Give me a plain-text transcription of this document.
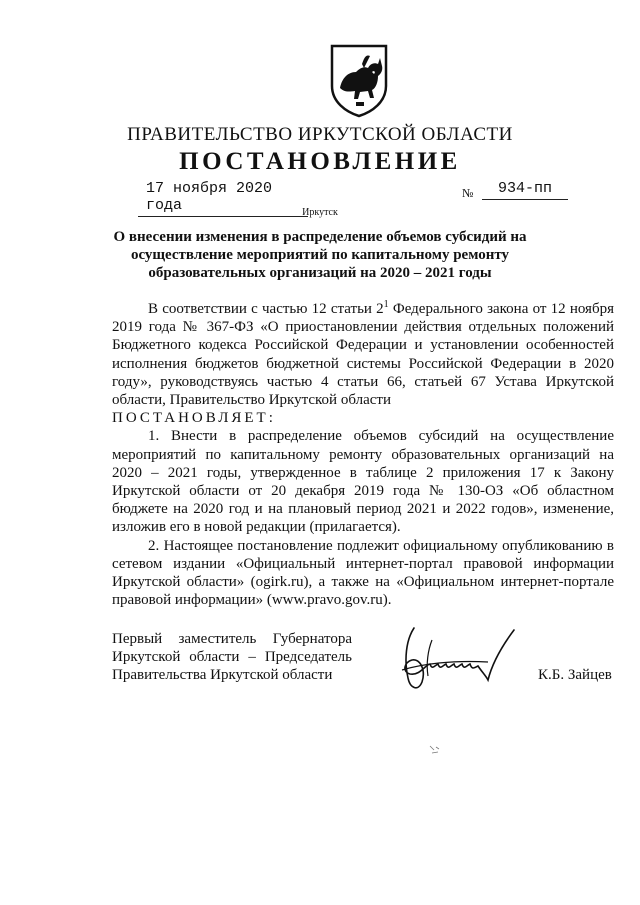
ПРАВИТЕЛЬСТВО ИРКУТСКОЙ ОБЛАСТИ
ПОСТАНОВЛЕНИЕ
17 ноября 2020 года
№	934-пп
Иркутск
О внесении изменения в распределение объемов субсидий на осуществление мероприятий по капитальному ремонту образовательных организаций на 2020 – 2021 годы

В соответствии с частью 12 статьи $2^1$ Федерального закона от 12 ноября 2019 года № 367-ФЗ «О приостановлении действия отдельных положений Бюджетного кодекса Российской Федерации и установлении особенностей исполнения бюджетов бюджетной системы Российской Федерации в 2020 году», руководствуясь частью 4 статьи 66, статьей 67 Устава Иркутской области, Правительство Иркутской области

ПОСТАНОВЛЯЕТ:

1. Внести в распределение объемов субсидий на осуществление мероприятий по капитальному ремонту образовательных организаций на 2020 – 2021 годы, утвержденное в таблице 2 приложения 17 к Закону Иркутской области от 20 декабря 2019 года № 130-ОЗ «Об областном бюджете на 2020 год и на плановый период 2021 и 2022 годов», изменение, изложив его в новой редакции (прилагается).

2. Настоящее постановление подлежит официальному опубликованию в сетевом издании «Официальный интернет-портал правовой информации Иркутской области» (ogirk.ru), а также на «Официальном интернет-портале правовой информации» (www.pravo.gov.ru).

Первый заместитель Губернатора
Иркутской области – Председатель
Правительства Иркутской области	К.Б. Зайцев
